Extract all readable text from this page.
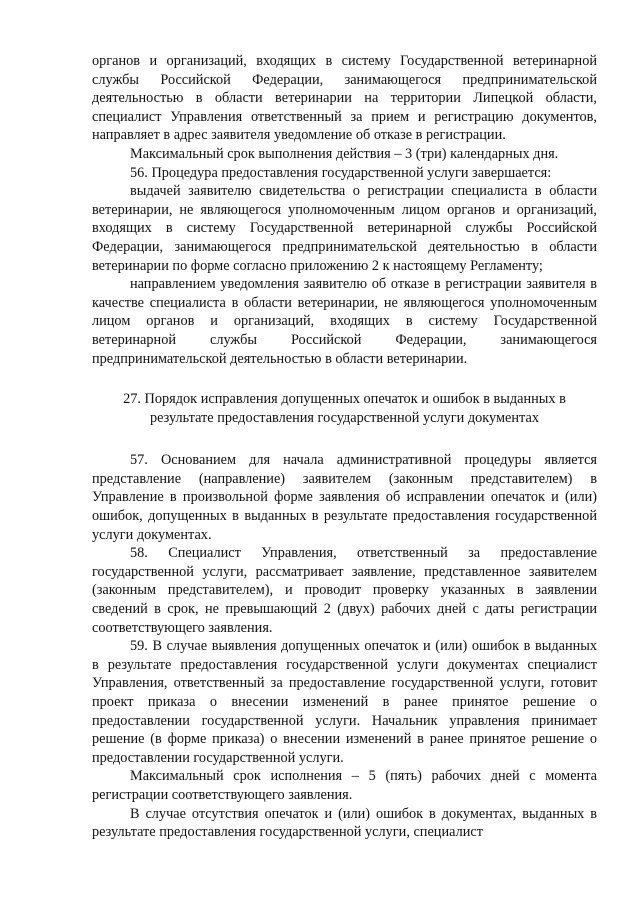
органов и организаций, входящих в систему Государственной ветеринарной службы Российской Федерации, занимающегося предпринимательской деятельностью в области ветеринарии на территории Липецкой области, специалист Управления ответственный за прием и регистрацию документов, направляет в адрес заявителя уведомление об отказе в регистрации.

Максимальный срок выполнения действия – 3 (три) календарных дня.

56. Процедура предоставления государственной услуги завершается:

выдачей заявителю свидетельства о регистрации специалиста в области ветеринарии, не являющегося уполномоченным лицом органов и организаций, входящих в систему Государственной ветеринарной службы Российской Федерации, занимающегося предпринимательской деятельностью в области ветеринарии по форме согласно приложению 2 к настоящему Регламенту;

направлением уведомления заявителю об отказе в регистрации заявителя в качестве специалиста в области ветеринарии, не являющегося уполномоченным лицом органов и организаций, входящих в систему Государственной ветеринарной службы Российской Федерации, занимающегося предпринимательской деятельностью в области ветеринарии.

27. Порядок исправления допущенных опечаток и ошибок в выданных в результате предоставления государственной услуги документах

57. Основанием для начала административной процедуры является представление (направление) заявителем (законным представителем) в Управление в произвольной форме заявления об исправлении опечаток и (или) ошибок, допущенных в выданных в результате предоставления государственной услуги документах.

58. Специалист Управления, ответственный за предоставление государственной услуги, рассматривает заявление, представленное заявителем (законным представителем), и проводит проверку указанных в заявлении сведений в срок, не превышающий 2 (двух) рабочих дней с даты регистрации соответствующего заявления.

59. В случае выявления допущенных опечаток и (или) ошибок в выданных в результате предоставления государственной услуги документах специалист Управления, ответственный за предоставление государственной услуги, готовит проект приказа о внесении изменений в ранее принятое решение о предоставлении государственной услуги. Начальник управления принимает решение (в форме приказа) о внесении изменений в ранее принятое решение о предоставлении государственной услуги.

Максимальный срок исполнения – 5 (пять) рабочих дней с момента регистрации соответствующего заявления.

В случае отсутствия опечаток и (или) ошибок в документах, выданных в результате предоставления государственной услуги, специалист
